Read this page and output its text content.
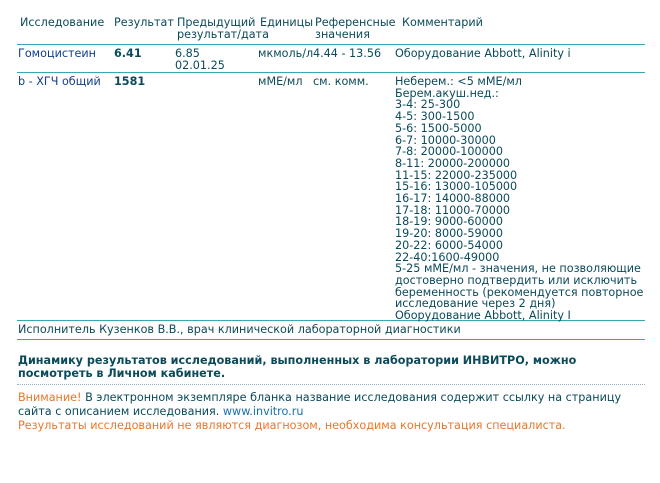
Исследование Результат Предыдущий
результат/дата
Единицы Референсные
значения
Комментарий
Гомоцистеин 6.41	6.85
02.01.25
мкмоль/л 4.44 - 13.56 Оборудование Abbott, Alinity i
b - ХГЧ общий 1581	мМЕ/мл см. комм. Неберем.: <5 мМЕ/мл
Берем.акуш.нед.:
3-4: 25-300
4-5: 300-1500
5-6: 1500-5000
6-7: 10000-30000
7-8: 20000-100000
8-11: 20000-200000
11-15: 22000-235000
15-16: 13000-105000
16-17: 14000-88000
17-18: 11000-70000
18-19: 9000-60000
19-20: 8000-59000
20-22: 6000-54000
22-40:1600-49000
5-25 мМЕ/мл - значения, не позволяющие
достоверно подтвердить или исключить
беременность (рекомендуется повторное
исследование через 2 дня)
Оборудование Abbott, Alinity I
Исполнитель Кузенков В.В., врач клинической лабораторной диагностики
Динамику результатов исследований, выполненных в лаборатории ИНВИТРО, можно посмотреть в Личном кабинете.
Внимание! В электронном экземпляре бланка название исследования содержит ссылку на страницу сайта с описанием исследования. www.invitro.ru
Результаты исследований не являются диагнозом, необходима консультация специалиста.
